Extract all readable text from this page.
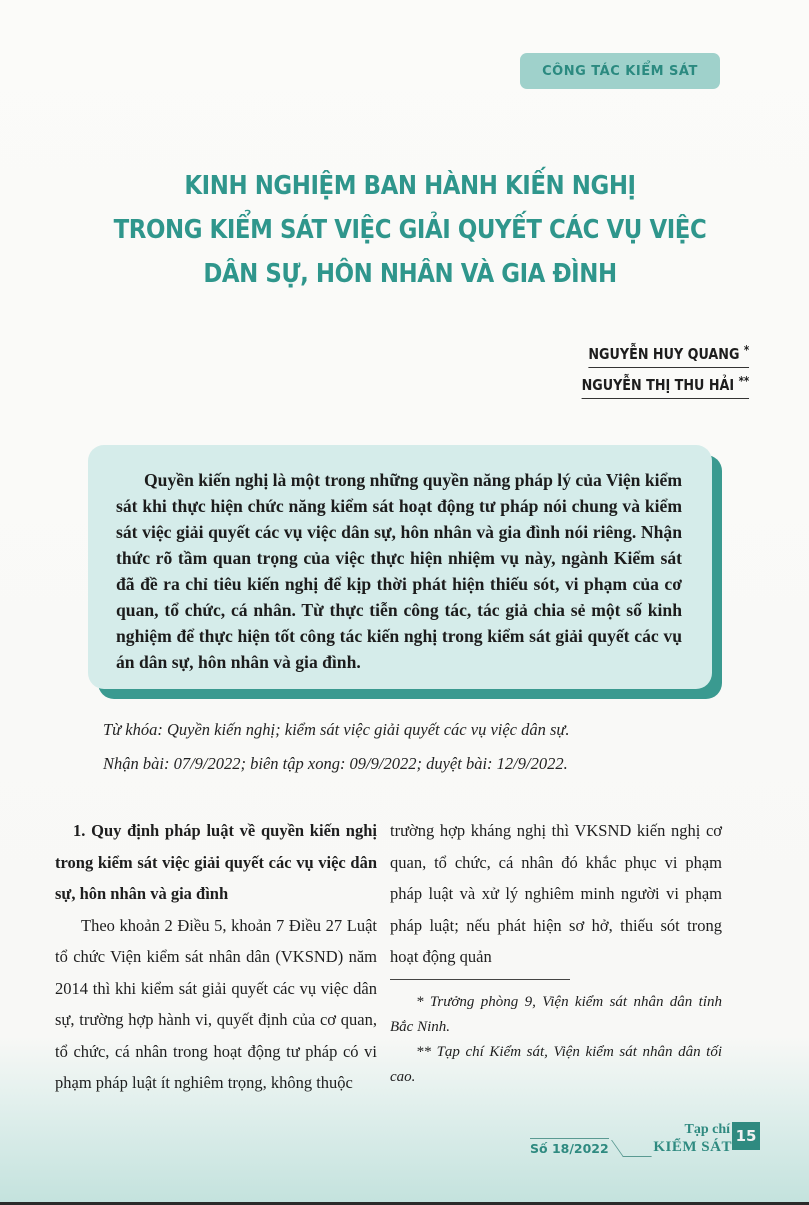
CÔNG TÁC KIỂM SÁT
KINH NGHIỆM BAN HÀNH KIẾN NGHỊ
TRONG KIỂM SÁT VIỆC GIẢI QUYẾT CÁC VỤ VIỆC
DÂN SỰ, HÔN NHÂN VÀ GIA ĐÌNH
NGUYỄN HUY QUANG *
NGUYỄN THỊ THU HẢI **

Quyền kiến nghị là một trong những quyền năng pháp lý của Viện kiểm sát khi thực hiện chức năng kiểm sát hoạt động tư pháp nói chung và kiểm sát việc giải quyết các vụ việc dân sự, hôn nhân và gia đình nói riêng. Nhận thức rõ tầm quan trọng của việc thực hiện nhiệm vụ này, ngành Kiểm sát đã đề ra chỉ tiêu kiến nghị để kịp thời phát hiện thiếu sót, vi phạm của cơ quan, tổ chức, cá nhân. Từ thực tiễn công tác, tác giả chia sẻ một số kinh nghiệm để thực hiện tốt công tác kiến nghị trong kiểm sát giải quyết các vụ án dân sự, hôn nhân và gia đình.

Từ khóa: Quyền kiến nghị; kiểm sát việc giải quyết các vụ việc dân sự.
Nhận bài: 07/9/2022; biên tập xong: 09/9/2022; duyệt bài: 12/9/2022.
1. Quy định pháp luật về quyền kiến nghị trong kiểm sát việc giải quyết các vụ việc dân sự, hôn nhân và gia đình

Theo khoản 2 Điều 5, khoản 7 Điều 27 Luật tổ chức Viện kiểm sát nhân dân (VKSND) năm 2014 thì khi kiểm sát giải quyết các vụ việc dân sự, trường hợp hành vi, quyết định của cơ quan, tổ chức, cá nhân trong hoạt động tư pháp có vi phạm pháp luật ít nghiêm trọng, không thuộc

trường hợp kháng nghị thì VKSND kiến nghị cơ quan, tổ chức, cá nhân đó khắc phục vi phạm pháp luật và xử lý nghiêm minh người vi phạm pháp luật; nếu phát hiện sơ hở, thiếu sót trong hoạt động quản

* Trưởng phòng 9, Viện kiểm sát nhân dân tỉnh Bắc Ninh.

** Tạp chí Kiểm sát, Viện kiểm sát nhân dân tối cao.

Số 18/2022
Tạp chí
KIỂM SÁT
15
